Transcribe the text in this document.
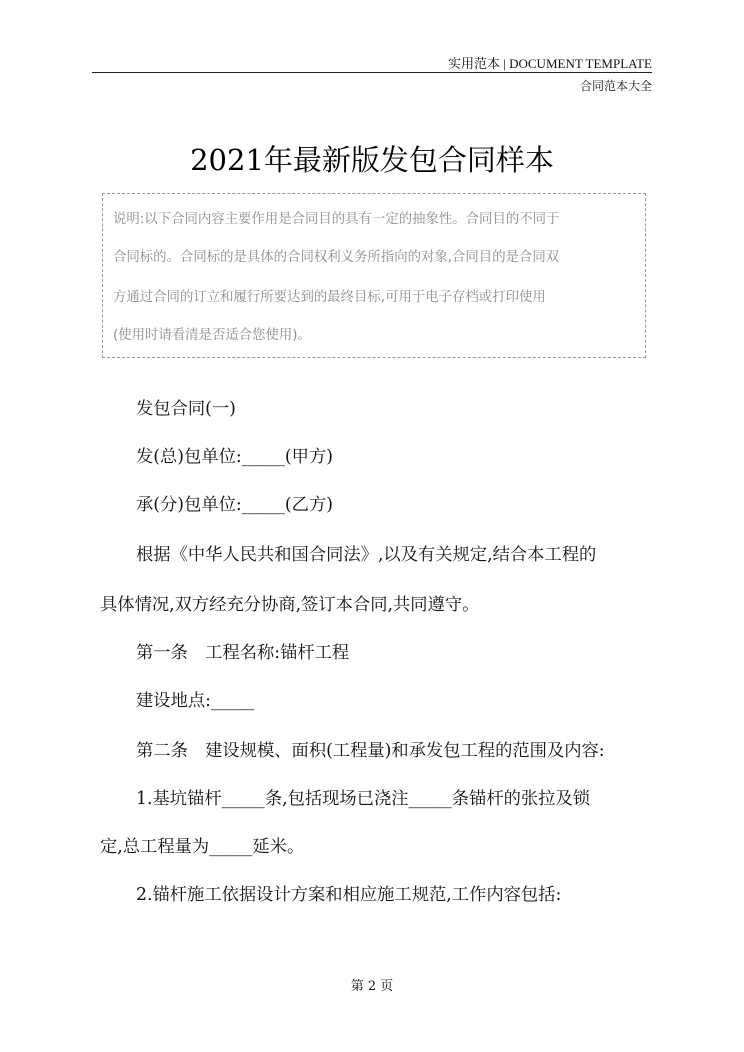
实用范本 | DOCUMENT TEMPLATE
合同范本大全
2021年最新版发包合同样本
说明:以下合同内容主要作用是合同目的具有一定的抽象性。合同目的不同于
合同标的。合同标的是具体的合同权利义务所指向的对象,合同目的是合同双
方通过合同的订立和履行所要达到的最终目标,可用于电子存档或打印使用
(使用时请看清是否适合您使用)。
发包合同(一)
发(总)包单位:_____(甲方)
承(分)包单位:_____(乙方)
根据《中华人民共和国合同法》,以及有关规定,结合本工程的
具体情况,双方经充分协商,签订本合同,共同遵守。
第一条　工程名称:锚杆工程
建设地点:_____
第二条　建设规模、面积(工程量)和承发包工程的范围及内容:
1.基坑锚杆_____条,包括现场已浇注_____条锚杆的张拉及锁
定,总工程量为_____延米。
2.锚杆施工依据设计方案和相应施工规范,工作内容包括:
第 2 页
